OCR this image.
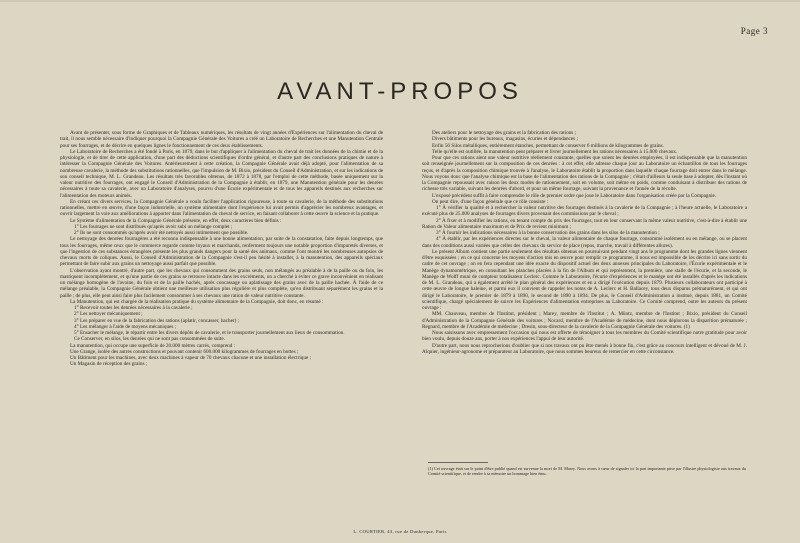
Page 3
AVANT-PROPOS

Avant de présenter, sous forme de Graphiques et de Tableaux numériques, les résultats de vingt années d'Expériences sur l'alimentation du cheval de trait, il nous semble nécessaire d'indiquer pourquoi la Compagnie Générale des Voitures a créé un Laboratoire de Recherches et une Manutention Centrale pour ses fourrages, et de décrire en quelques lignes le fonctionnement de ces deux établissements.

Le Laboratoire de Recherches a été fondé à Paris, en 1879, dans le but d'appliquer à l'alimentation du cheval de trait les données de la chimie et de la physiologie, et de tirer de cette application, d'une part des déductions scientifiques d'ordre général, et d'autre part des conclusions pratiques de nature à intéresser la Compagnie Générale des Voitures. Antérieurement à cette création, la Compagnie Générale avait déjà adopté, pour l'alimentation de sa nombreuse cavalerie, la méthode des substitutions rationnelles, que l'impulsion de M. Bixio, président du Conseil d'Administration, et sur les indications de son conseil technique, M. L. Grandeau. Les résultats très favorables obtenus, de 1872 à 1878, par l'emploi de cette méthode, basée uniquement sur la valeur nutritive des fourrages, ont engagé le Conseil d'Administration de la Compagnie à établir, en 1879, une Manutention générale pour les denrées nécessaires à toute sa cavalerie, avec un Laboratoire d'analyses, pourvu d'une Écurie expérimentale et de tous les appareils destinés aux recherches sur l'alimentation des moteurs animés.

En créant ces divers services, la Compagnie Générale a voulu faciliter l'application rigoureuse, à toute sa cavalerie, de la méthode des substitutions rationnelles, mettre en œuvre, d'une façon industrielle, un système alimentaire dont l'expérience lui avait permis d'apprécier les nombreux avantages, et ouvrir largement la voie aux améliorations à apporter dans l'alimentation du cheval de service, en faisant collaborer à cette œuvre la science et la pratique.

Le Système d'alimentation de la Compagnie Générale présente, en effet, deux caractères bien définis :

1° Les fourrages ne sont distribués qu'après avoir subi un mélange complet ;

2° Ils ne sont consommés qu'après avoir été nettoyés aussi intimement que possible.

Le nettoyage des denrées fourragères a été reconnu indispensable à une bonne alimentation, par suite de la constatation, faite depuis longtemps, que tous les fourrages, même ceux que le commerce regarde comme loyaux et marchands, renferment toujours une notable proportion d'impuretés diverses, et que l'ingestion de ces substances étrangères présente les plus grands dangers pour la santé des animaux, comme l'ont montré les nombreuses autopsies de chevaux morts de coliques. Aussi, le Conseil d'Administration de la Compagnie s'est-il peu hésité à installer, à la manutention, des appareils spéciaux permettant de faire subir aux grains un nettoyage aussi parfait que possible.

L'observation ayant montré, d'autre part, que les chevaux qui consomment des grains seuls, non mélangés au préalable à de la paille ou du foin, les mastiquent incomplètement, et qu'une partie de ces grains se retrouve intacte dans les excréments, on a cherché à éviter ce grave inconvénient en réalisant un mélange homogène de l'avoine, du foin et de la paille hachés, après concassage ou aplatissage des grains avec de la paille hachée. À l'aide de ce mélange préalable, la Compagnie Générale obtient une meilleure utilisation plus régulière et plus complète, qu'en distribuant séparément les grains et la paille ; de plus, elle peut ainsi faire plus facilement consommer à ses chevaux une ration de valeur nutritive constante.

La Manutention, qui est chargée de la réalisation pratique du système alimentaire de la Compagnie, doit donc, en résumé :

1° Recevoir toutes les denrées nécessaires à la cavalerie ;

2° Les nettoyer mécaniquement ;

3° Les préparer en vue de la fabrication des rations (aplatir, concasser, hacher) ;

4° Les mélanger à l'aide de moyens mécaniques ;

5° Ensacher le mélange, le répartir entre les divers dépôts de cavalerie, et le transporter journellement aux lieux de consommation.

Ce Conserver, en silos, les denrées qui ne sont pas consommées de suite.

La manutention, qui occupe une superficie de 20.000 mètres carrés, comprend :

Une Grange, isolée des autres constructions et pouvant contenir 600.000 kilogrammes de fourrages en bottes ;

Un Bâtiment pour les machines, avec deux machines à vapeur de 70 chevaux chacune et une installation électrique ;

Un Magasin de réception des grains ;

Des ateliers pour le nettoyage des grains et la fabrication des rations ;

Divers bâtiments pour les bureaux, magasins, écuries et dépendances ;

Enfin 56 Silos métalliques, entièrement étanches, permettant de conserver 6 millions de kilogrammes de grains.

Telle qu'elle est outillée, la manutention peut préparer et livrer journellement les rations nécessaires à 15.000 chevaux.

Pour que ces rations aient une valeur nutritive réellement constante, quelles que soient les denrées employées, il est indispensable que la manutention soit renseignée journellement sur la composition de ces denrées : à cet effet, elle adresse chaque jour au Laboratoire un échantillon de tous les fourrages reçus, et d'après la composition chimique trouvée à l'analyse, le Laboratoire établit la proportion dans laquelle chaque fourrage doit entrer dans le mélange. Nous voyons donc que l'analyse chimique est la base de l'alimentation des rations de la Compagnie ; c'était d'ailleurs la seule base à adopter, dès l'instant où la Compagnie repoussait avec raison les deux modes de rationnement, soit en volume, soit même en poids, comme conduisant à distribuer des rations de richesse très variable, suivant les denrées d'abord, et pour un même fourrage, suivant la provenance et l'année de la récolte.

L'exposé précédent suffit à faire comprendre le rôle de premier ordre que joue le Laboratoire dans l'organisation créée par la Compagnie.

On peut dire, d'une façon générale que ce rôle consiste :

1° À vérifier la qualité et à rechercher la valeur nutritive des fourrages destinés à la cavalerie de la Compagnie ; à l'heure actuelle, le Laboratoire a exécuté plus de 25.000 analyses de fourrages divers provenant des commissions par le cheval ;

2° À fixer et à modifier les rations, en tenant compte du prix des fourrages, tout en leur conservant la même valeur nutritive, c'est-à-dire à établir une Ration de Valeur alimentaire maximum et de Prix de revient minimum ;

3° À fournir les indications nécessaires à la bonne conservation des grains dans les silos de la manutention ;

4° À établir, par les expériences directes sur le cheval, la valeur alimentaire de chaque fourrage, consommé isolément ou en mélange, ou se placent dans des conditions aussi variées que celles des chevaux du service de place (repos, marche, travail à différentes allures).

Le présent Album contient une partie seulement des résultats obtenus en poursuivant pendant vingt ans le programme dont les grandes lignes viennent d'être esquissées ; en ce qui concerne les moyens d'action mis en œuvre pour remplir ce programme, il nous est impossible de les décrire ici sans sortir du cadre de cet ouvrage ; on en fera cependant une idée exacte du dispositif actuel des deux annexes principales du Laboratoire, l'Écurie expérimentale et le Manège dynamométrique, en consultant les planches placées à la fin de l'Album et qui représentent, la première, une stalle de l'écurie, et la seconde, le Manège de Wolff muni de compteur totalisateur Leclerc. Comme le Laboratoire, l'écurie d'expériences et le manège ont été installés d'après les indications de M. L. Grandeau, qui a également arrêté le plan général des expériences et en a dirigé l'exécution depuis 1879. Plusieurs collaborateurs ont participé à cette œuvre de longue haleine, et parmi eux il convient de rappeler les noms de A. Leclerc et H. Ballacey, tous deux disparus prématurément, et qui ont dirigé le Laboratoire, le premier de 1879 à 1890, le second de 1890 à 1894. De plus, le Conseil d'Administration a institué, depuis 1881, un Comité scientifique, chargé spécialement de suivre les Expériences d'alimentation entreprises au Laboratoire. Ce Comité comprend, outre les auteurs du présent ouvrage :

MM. Chauveau, membre de l'Institut, président ; Marey, membre de l'Institut ; A. Müntz, membre de l'Institut ; Bixio, président du Conseil d'Administration de la Compagnie Générale des voitures ; Nocard, membre de l'Académie de médecine, dont nous déplorons la disparition prématurée ; Regnard, membre de l'Académie de médecine ; Dresin, sous-directeur de la cavalerie de la Compagnie Générale des voitures. (1)

Nous saisissons avec empressement l'occasion qui nous est offerte de témoigner à tous les membres du Comité scientifique notre gratitude pour avoir bien voulu, depuis douze ans, porter à nos expériences l'appui de leur autorité.

D'autre part, nous nous reprocherions d'oublier que si nos travaux ont pu être menés à bonne fin, c'est grâce au concours intelligent et dévoué de M. J. Alquier, ingénieur-agronome et préparateur au Laboratoire, que nous sommes heureux de remercier en cette circonstance.

(1) Cet ouvrage était sur le point d'être publié quand est survenue la mort de M. Marey. Nous avons à cœur de signaler ici la part importante prise par l'illustre physiologiste aux travaux du Comité scientifique, et de rendre à sa mémoire un hommage bien ému.
L. COURTIER, 43, rue de Dunkerque, Paris
